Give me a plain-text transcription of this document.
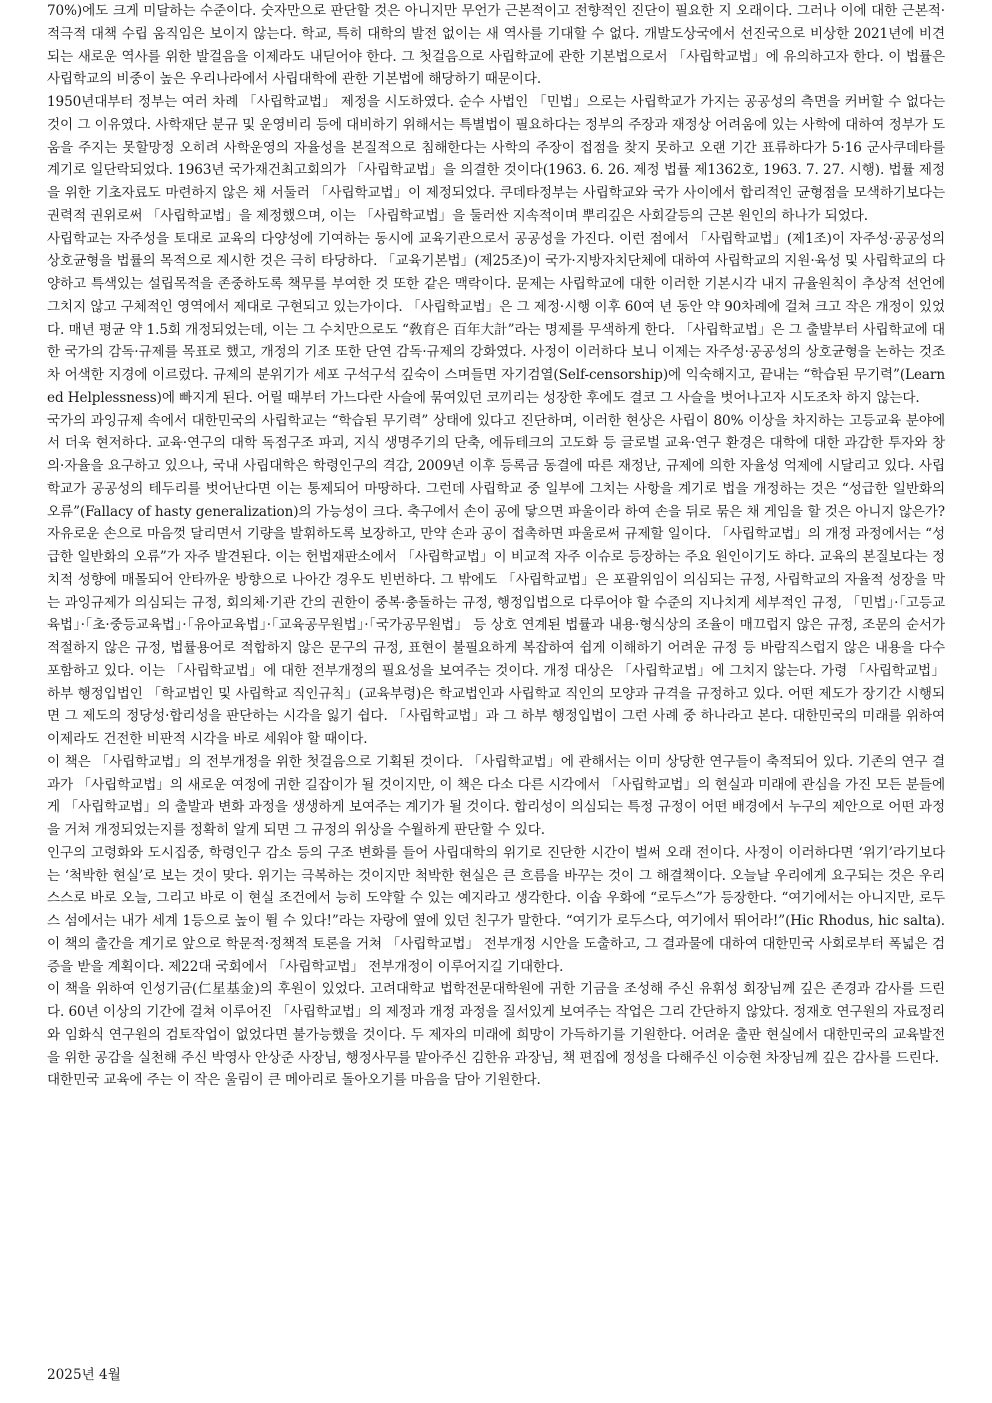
70%)에도 크게 미달하는 수준이다. 숫자만으로 판단할 것은 아니지만 무언가 근본적이고 전향적인 진단이 필요한 지 오래이다. 그러나 이에 대한 근본적·적극적 대책 수립 움직임은 보이지 않는다. 학교, 특히 대학의 발전 없이는 새 역사를 기대할 수 없다. 개발도상국에서 선진국으로 비상한 2021년에 비견되는 새로운 역사를 위한 발걸음을 이제라도 내딛어야 한다. 그 첫걸음으로 사립학교에 관한 기본법으로서 「사립학교법」에 유의하고자 한다. 이 법률은 사립학교의 비중이 높은 우리나라에서 사립대학에 관한 기본법에 해당하기 때문이다.

1950년대부터 정부는 여러 차례 「사립학교법」 제정을 시도하였다. 순수 사법인 「민법」으로는 사립학교가 가지는 공공성의 측면을 커버할 수 없다는 것이 그 이유였다. 사학재단 분규 및 운영비리 등에 대비하기 위해서는 특별법이 필요하다는 정부의 주장과 재정상 어려움에 있는 사학에 대하여 정부가 도움을 주지는 못할망정 오히려 사학운영의 자율성을 본질적으로 침해한다는 사학의 주장이 접점을 찾지 못하고 오랜 기간 표류하다가 5·16 군사쿠데타를 계기로 일단락되었다. 1963년 국가재건최고회의가 「사립학교법」을 의결한 것이다(1963. 6. 26. 제정 법률 제1362호, 1963. 7. 27. 시행). 법률 제정을 위한 기초자료도 마련하지 않은 채 서둘러 「사립학교법」이 제정되었다. 쿠데타정부는 사립학교와 국가 사이에서 합리적인 균형점을 모색하기보다는 권력적 권위로써 「사립학교법」을 제정했으며, 이는 「사립학교법」을 둘러싼 지속적이며 뿌리깊은 사회갈등의 근본 원인의 하나가 되었다.

사립학교는 자주성을 토대로 교육의 다양성에 기여하는 동시에 교육기관으로서 공공성을 가진다. 이런 점에서 「사립학교법」(제1조)이 자주성·공공성의 상호균형을 법률의 목적으로 제시한 것은 극히 타당하다. 「교육기본법」(제25조)이 국가·지방자치단체에 대하여 사립학교의 지원·육성 및 사립학교의 다양하고 특색있는 설립목적을 존중하도록 책무를 부여한 것 또한 같은 맥락이다. 문제는 사립학교에 대한 이러한 기본시각 내지 규율원칙이 추상적 선언에 그치지 않고 구체적인 영역에서 제대로 구현되고 있는가이다. 「사립학교법」은 그 제정·시행 이후 60여 년 동안 약 90차례에 걸쳐 크고 작은 개정이 있었다. 매년 평균 약 1.5회 개정되었는데, 이는 그 수치만으로도 “敎育은 百年大計”라는 명제를 무색하게 한다. 「사립학교법」은 그 출발부터 사립학교에 대한 국가의 감독·규제를 목표로 했고, 개정의 기조 또한 단연 감독·규제의 강화였다. 사정이 이러하다 보니 이제는 자주성·공공성의 상호균형을 논하는 것조차 어색한 지경에 이르렀다. 규제의 분위기가 세포 구석구석 깊숙이 스며들면 자기검열(Self-censorship)에 익숙해지고, 끝내는 “학습된 무기력”(Learned Helplessness)에 빠지게 된다. 어릴 때부터 가느다란 사슬에 묶여있던 코끼리는 성장한 후에도 결코 그 사슬을 벗어나고자 시도조차 하지 않는다.

국가의 과잉규제 속에서 대한민국의 사립학교는 “학습된 무기력” 상태에 있다고 진단하며, 이러한 현상은 사립이 80% 이상을 차지하는 고등교육 분야에서 더욱 현저하다. 교육·연구의 대학 독점구조 파괴, 지식 생명주기의 단축, 에듀테크의 고도화 등 글로벌 교육·연구 환경은 대학에 대한 과감한 투자와 창의·자율을 요구하고 있으나, 국내 사립대학은 학령인구의 격감, 2009년 이후 등록금 동결에 따른 재정난, 규제에 의한 자율성 억제에 시달리고 있다. 사립학교가 공공성의 테두리를 벗어난다면 이는 통제되어 마땅하다. 그런데 사립학교 중 일부에 그치는 사항을 계기로 법을 개정하는 것은 “성급한 일반화의 오류”(Fallacy of hasty generalization)의 가능성이 크다. 축구에서 손이 공에 닿으면 파울이라 하여 손을 뒤로 묶은 채 게임을 할 것은 아니지 않은가? 자유로운 손으로 마음껏 달리면서 기량을 발휘하도록 보장하고, 만약 손과 공이 접촉하면 파울로써 규제할 일이다. 「사립학교법」의 개정 과정에서는 “성급한 일반화의 오류”가 자주 발견된다. 이는 헌법재판소에서 「사립학교법」이 비교적 자주 이슈로 등장하는 주요 원인이기도 하다. 교육의 본질보다는 정치적 성향에 매몰되어 안타까운 방향으로 나아간 경우도 빈번하다. 그 밖에도 「사립학교법」은 포괄위임이 의심되는 규정, 사립학교의 자율적 성장을 막는 과잉규제가 의심되는 규정, 회의체·기관 간의 권한이 중복·충돌하는 규정, 행정입법으로 다루어야 할 수준의 지나치게 세부적인 규정, 「민법」·「고등교육법」·「초·중등교육법」·「유아교육법」·「교육공무원법」·「국가공무원법」 등 상호 연계된 법률과 내용·형식상의 조율이 매끄럽지 않은 규정, 조문의 순서가 적절하지 않은 규정, 법률용어로 적합하지 않은 문구의 규정, 표현이 불필요하게 복잡하여 쉽게 이해하기 어려운 규정 등 바람직스럽지 않은 내용을 다수 포함하고 있다. 이는 「사립학교법」에 대한 전부개정의 필요성을 보여주는 것이다. 개정 대상은 「사립학교법」에 그치지 않는다. 가령 「사립학교법」 하부 행정입법인 「학교법인 및 사립학교 직인규칙」(교육부령)은 학교법인과 사립학교 직인의 모양과 규격을 규정하고 있다. 어떤 제도가 장기간 시행되면 그 제도의 정당성·합리성을 판단하는 시각을 잃기 쉽다. 「사립학교법」과 그 하부 행정입법이 그런 사례 중 하나라고 본다. 대한민국의 미래를 위하여 이제라도 건전한 비판적 시각을 바로 세워야 할 때이다.

이 책은 「사립학교법」의 전부개정을 위한 첫걸음으로 기획된 것이다. 「사립학교법」에 관해서는 이미 상당한 연구들이 축적되어 있다. 기존의 연구 결과가 「사립학교법」의 새로운 여정에 귀한 길잡이가 될 것이지만, 이 책은 다소 다른 시각에서 「사립학교법」의 현실과 미래에 관심을 가진 모든 분들에게 「사립학교법」의 출발과 변화 과정을 생생하게 보여주는 계기가 될 것이다. 합리성이 의심되는 특정 규정이 어떤 배경에서 누구의 제안으로 어떤 과정을 거쳐 개정되었는지를 정확히 알게 되면 그 규정의 위상을 수월하게 판단할 수 있다.

인구의 고령화와 도시집중, 학령인구 감소 등의 구조 변화를 들어 사립대학의 위기로 진단한 시간이 벌써 오래 전이다. 사정이 이러하다면 ‘위기’라기보다는 ‘척박한 현실’로 보는 것이 맞다. 위기는 극복하는 것이지만 척박한 현실은 큰 흐름을 바꾸는 것이 그 해결책이다. 오늘날 우리에게 요구되는 것은 우리 스스로 바로 오늘, 그리고 바로 이 현실 조건에서 능히 도약할 수 있는 예지라고 생각한다. 이솝 우화에 “로두스”가 등장한다. “여기에서는 아니지만, 로두스 섬에서는 내가 세계 1등으로 높이 뛸 수 있다!”라는 자랑에 옆에 있던 친구가 말한다. “여기가 로두스다, 여기에서 뛰어라!”(Hic Rhodus, hic salta). 이 책의 출간을 계기로 앞으로 학문적·정책적 토론을 거쳐 「사립학교법」 전부개정 시안을 도출하고, 그 결과물에 대하여 대한민국 사회로부터 폭넓은 검증을 받을 계획이다. 제22대 국회에서 「사립학교법」 전부개정이 이루어지길 기대한다.

이 책을 위하여 인성기금(仁星基金)의 후원이 있었다. 고려대학교 법학전문대학원에 귀한 기금을 조성해 주신 유휘성 회장님께 깊은 존경과 감사를 드린다. 60년 이상의 기간에 걸쳐 이루어진 「사립학교법」의 제정과 개정 과정을 질서있게 보여주는 작업은 그리 간단하지 않았다. 정재호 연구원의 자료정리와 임화식 연구원의 검토작업이 없었다면 불가능했을 것이다. 두 제자의 미래에 희망이 가득하기를 기원한다. 어려운 출판 현실에서 대한민국의 교육발전을 위한 공감을 실천해 주신 박영사 안상준 사장님, 행정사무를 맡아주신 김한유 과장님, 책 편집에 정성을 다해주신 이승현 차장님께 깊은 감사를 드린다.

대한민국 교육에 주는 이 작은 울림이 큰 메아리로 돌아오기를 마음을 담아 기원한다.

2025년 4월
